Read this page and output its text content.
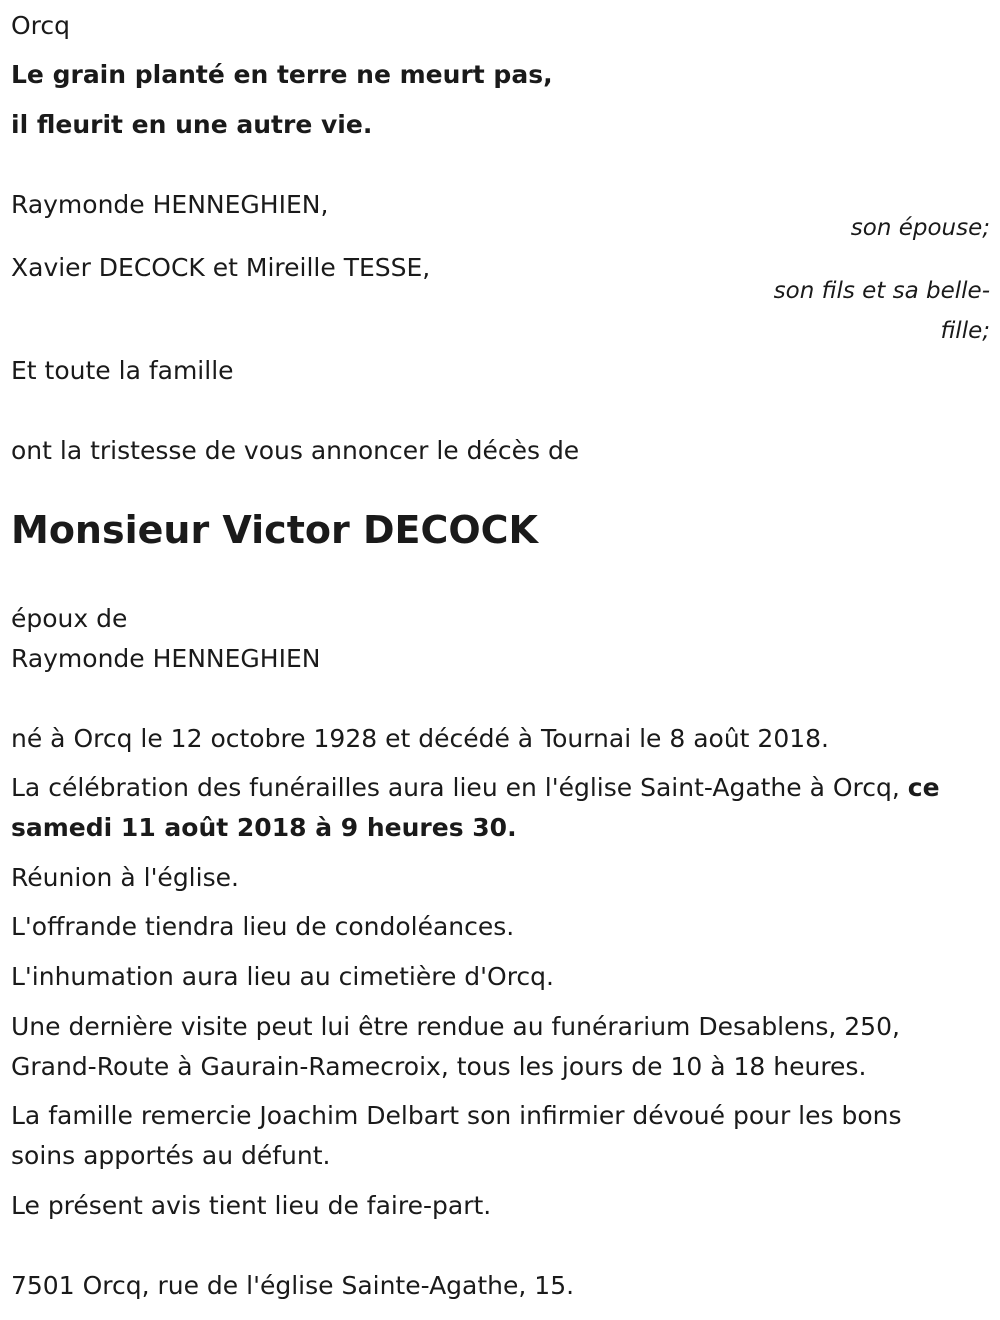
Orcq
Le grain planté en terre ne meurt pas,
il fleurit en une autre vie.
Raymonde HENNEGHIEN,
son épouse;
Xavier DECOCK et Mireille TESSE,
son fils et sa belle-
fille;
Et toute la famille
ont la tristesse de vous annoncer le décès de
Monsieur Victor DECOCK
époux de
Raymonde HENNEGHIEN
né à Orcq le 12 octobre 1928 et décédé à Tournai le 8 août 2018.
La célébration des funérailles aura lieu en l'église Saint-Agathe à Orcq, ce
samedi 11 août 2018 à 9 heures 30.
Réunion à l'église.
L'offrande tiendra lieu de condoléances.
L'inhumation aura lieu au cimetière d'Orcq.
Une dernière visite peut lui être rendue au funérarium Desablens, 250,
Grand-Route à Gaurain-Ramecroix, tous les jours de 10 à 18 heures.
La famille remercie Joachim Delbart son infirmier dévoué pour les bons
soins apportés au défunt.
Le présent avis tient lieu de faire-part.
7501 Orcq, rue de l'église Sainte-Agathe, 15.
